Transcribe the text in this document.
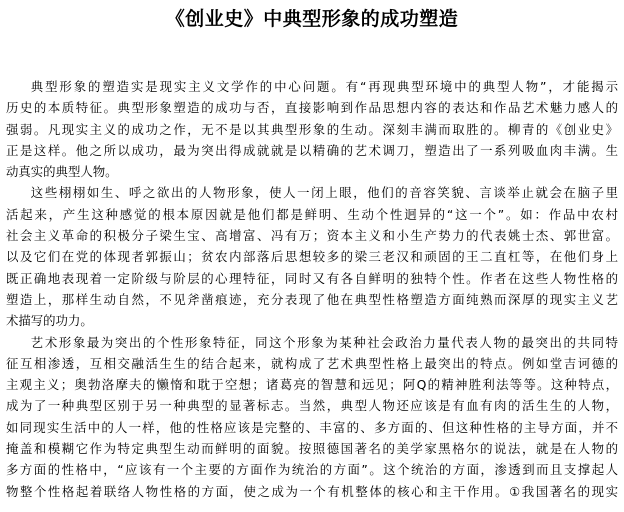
《创业史》中典型形象的成功塑造
典型形象的塑造实是现实主义文学作的中心问题。有“再现典型环境中的典型人物”，才能揭示
历史的本质特征。典型形象塑造的成功与否，直接影响到作品思想内容的表达和作品艺术魅力感人的
强弱。凡现实主义的成功之作，无不是以其典型形象的生动。深刻丰满而取胜的。柳青的《创业史》
正是这样。他之所以成功，最为突出得成就就是以精确的艺术调刀，塑造出了一系列吸血肉丰满。生
动真实的典型人物。
这些栩栩如生、呼之欲出的人物形象，使人一闭上眼，他们的音容笑貌、言谈举止就会在脑子里
活起来，产生这种感觉的根本原因就是他们都是鲜明、生动个性迥异的“这一个”。如：作品中农村
社会主义革命的积极分子梁生宝、高增富、冯有万；资本主义和小生产势力的代表姚士杰、郭世富。
以及它们在党的体现者郭振山；贫农内部落后思想较多的梁三老汉和顽固的王二直杠等，在他们身上
既正确地表现着一定阶级与阶层的心理特征，同时又有各自鲜明的独特个性。作者在这些人物性格的
塑造上，那样生动自然，不见斧凿痕迹，充分表现了他在典型性格塑造方面纯熟而深厚的现实主义艺
术描写的功力。
艺术形象最为突出的个性形象特征，同这个形象为某种社会政治力量代表人物的最突出的共同特
征互相渗透，互相交融活生生的结合起来，就构成了艺术典型性格上最突出的特点。例如堂吉诃德的
主观主义；奥勃洛摩夫的懒惰和耽于空想；诸葛亮的智慧和远见；阿Q的精神胜利法等等。这种特点，
成为了一种典型区别于另一种典型的显著标志。当然，典型人物还应该是有血有肉的活生生的人物，
如同现实生活中的人一样，他的性格应该是完整的、丰富的、多方面的、但这种性格的主导方面，并不
掩盖和模糊它作为特定典型生动而鲜明的面貌。按照德国著名的美学家黑格尔的说法，就是在人物的
多方面的性格中，“应该有一个主要的方面作为统治的方面”。这个统治的方面，渗透到而且支撑起人
物整个性格起着联络人物性格的方面，使之成为一个有机整体的核心和主干作用。①我国著名的现实
